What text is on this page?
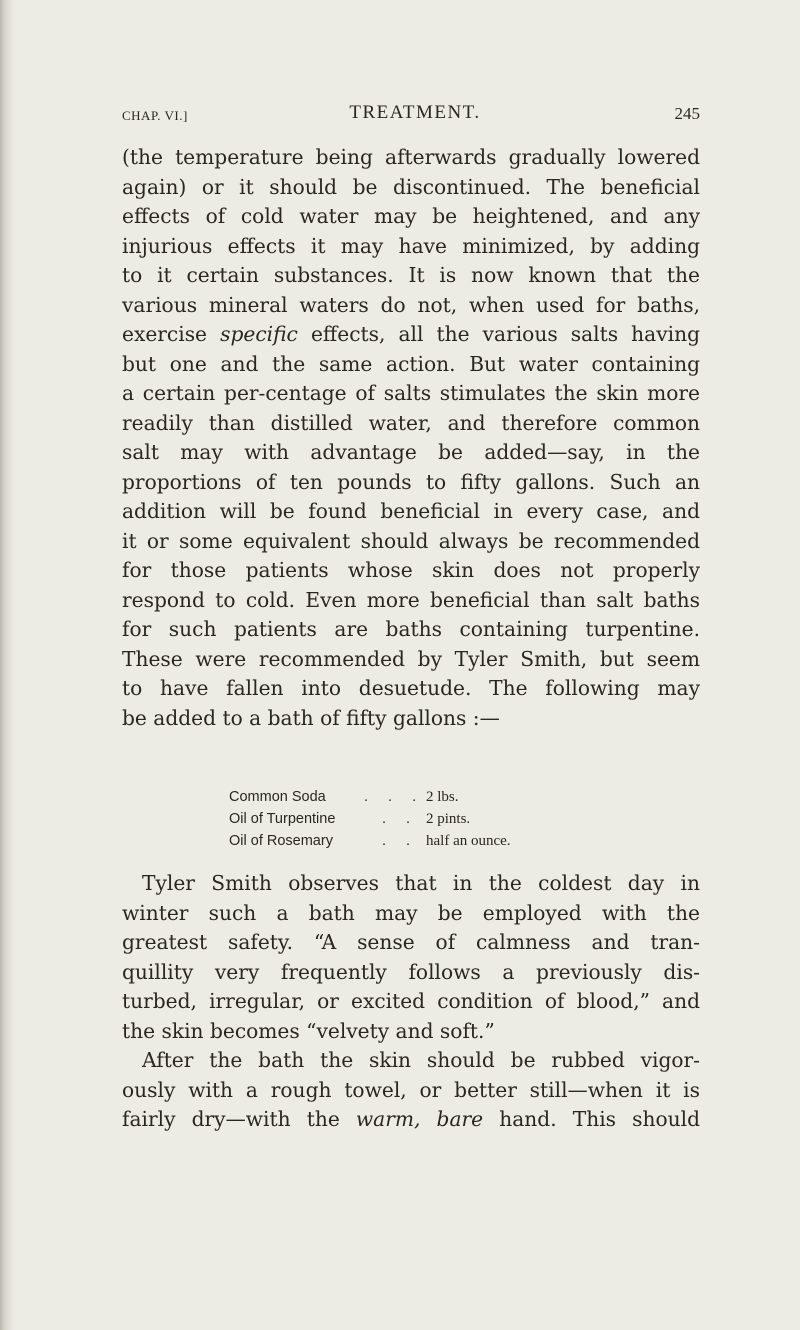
CHAP. VI.]	TREATMENT.	245
(the temperature being afterwards gradually lowered
again) or it should be discontinued. The beneficial
effects of cold water may be heightened, and any
injurious effects it may have minimized, by adding
to it certain substances. It is now known that the
various mineral waters do not, when used for baths,
exercise specific effects, all the various salts having
but one and the same action. But water containing
a certain per-centage of salts stimulates the skin more
readily than distilled water, and therefore common
salt may with advantage be added—say, in the
proportions of ten pounds to fifty gallons. Such an
addition will be found beneficial in every case, and
it or some equivalent should always be recommended
for those patients whose skin does not properly
respond to cold. Even more beneficial than salt baths
for such patients are baths containing turpentine.
These were recommended by Tyler Smith, but seem
to have fallen into desuetude. The following may
be added to a bath of fifty gallons :—
Common Soda	. . . 2 lbs.
Oil of Turpentine	. . 2 pints.
Oil of Rosemary	. . half an ounce.
Tyler Smith observes that in the coldest day in
winter such a bath may be employed with the
greatest safety. “A sense of calmness and tran-
quillity very frequently follows a previously dis-
turbed, irregular, or excited condition of blood,” and
the skin becomes “velvety and soft.”
After the bath the skin should be rubbed vigor-
ously with a rough towel, or better still—when it is
fairly dry—with the warm, bare hand. This should
